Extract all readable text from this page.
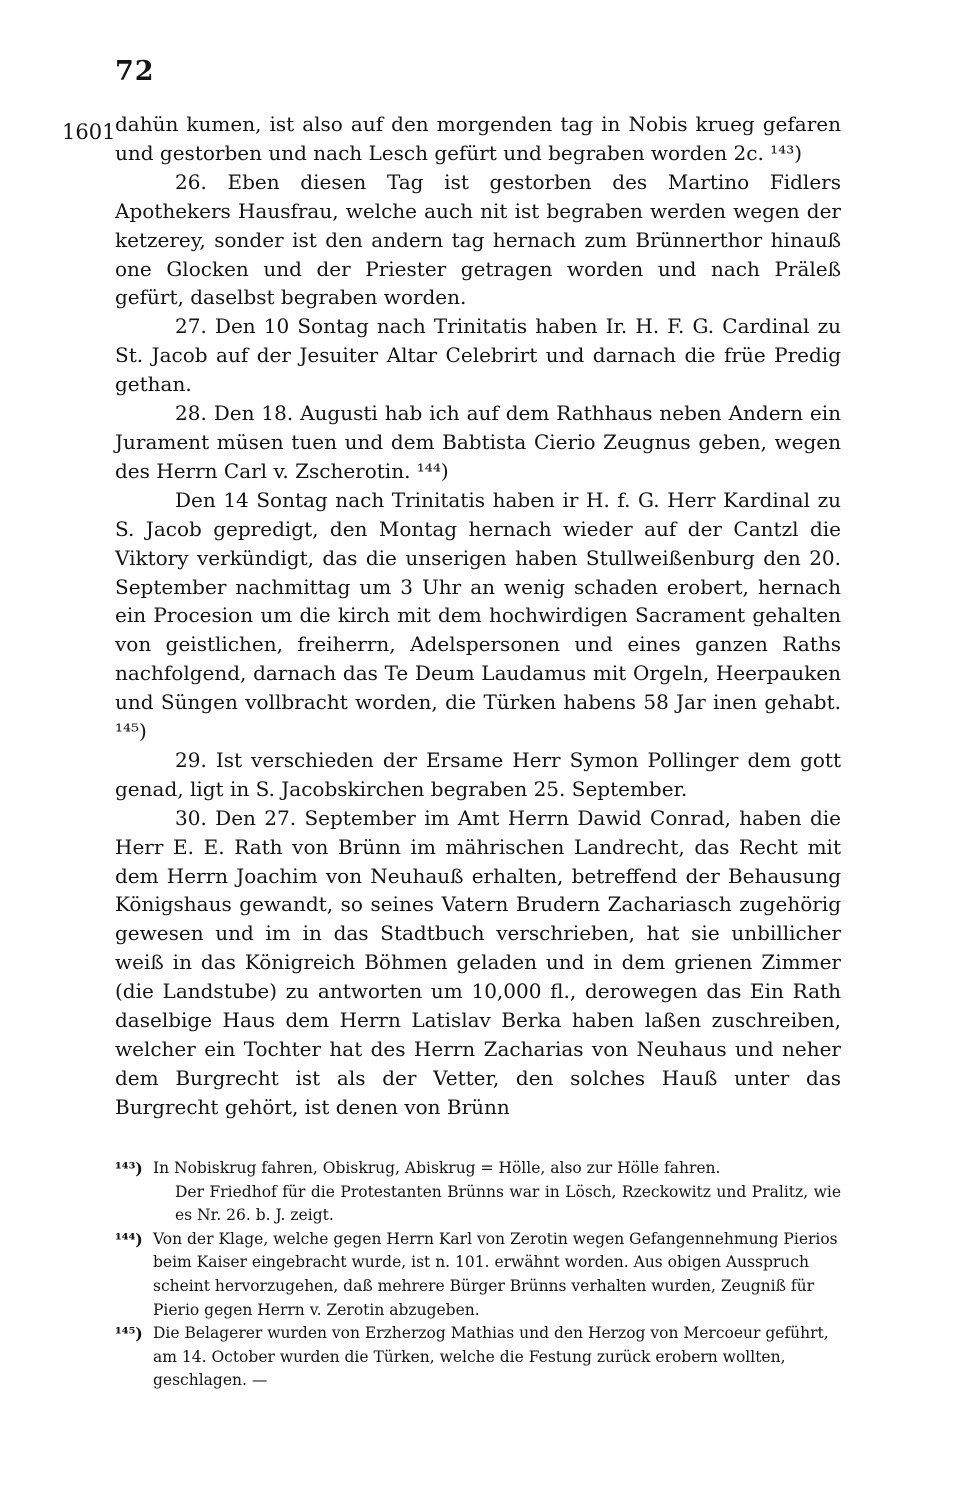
72
1601 dahün kumen, ist also auf den morgenden tag in Nobis krueg gefaren und gestorben und nach Lesch gefürt und begraben worden 2c. ¹⁴³)

26. Eben diesen Tag ist gestorben des Martino Fidlers Apothekers Hausfrau, welche auch nit ist begraben werden wegen der ketzerey, sonder ist den andern tag hernach zum Brünnerthor hinauß one Glocken und der Priester getragen worden und nach Präleß gefürt, daselbst begraben worden.

27. Den 10 Sontag nach Trinitatis haben Ir. H. F. G. Cardinal zu St. Jacob auf der Jesuiter Altar Celebrirt und darnach die früe Predig gethan.

28. Den 18. Augusti hab ich auf dem Rathhaus neben Andern ein Jurament müsen tuen und dem Babtista Cierio Zeugnus geben, wegen des Herrn Carl v. Zscherotin. ¹⁴⁴)

Den 14 Sontag nach Trinitatis haben ir H. f. G. Herr Kardinal zu S. Jacob gepredigt, den Montag hernach wieder auf der Cantzl die Viktory verkündigt, das die unserigen haben Stullweißenburg den 20. September nachmittag um 3 Uhr an wenig schaden erobert, hernach ein Procesion um die kirch mit dem hochwirdigen Sacrament gehalten von geistlichen, freiherrn, Adelspersonen und eines ganzen Raths nachfolgend, darnach das Te Deum Laudamus mit Orgeln, Heerpauken und Süngen vollbracht worden, die Türken habens 58 Jar inen gehabt. ¹⁴⁵)

29. Ist verschieden der Ersame Herr Symon Pollinger dem gott genad, ligt in S. Jacobskirchen begraben 25. September.

30. Den 27. September im Amt Herrn Dawid Conrad, haben die Herr E. E. Rath von Brünn im mährischen Landrecht, das Recht mit dem Herrn Joachim von Neuhauß erhalten, betreffend der Behausung Königshaus gewandt, so seines Vatern Brudern Zachariasch zugehörig gewesen und im in das Stadtbuch verschrieben, hat sie unbillicher weiß in das Königreich Böhmen geladen und in dem grienen Zimmer (die Landstube) zu antworten um 10,000 fl., derowegen das Ein Rath daselbige Haus dem Herrn Latislav Berka haben laßen zuschreiben, welcher ein Tochter hat des Herrn Zacharias von Neuhaus und neher dem Burgrecht ist als der Vetter, den solches Hauß unter das Burgrecht gehört, ist denen von Brünn

¹⁴³) In Nobiskrug fahren, Obiskrug, Abiskrug = Hölle, also zur Hölle fahren.

Der Friedhof für die Protestanten Brünns war in Lösch, Rzeckowitz und Pralitz, wie es Nr. 26. b. J. zeigt.

¹⁴⁴) Von der Klage, welche gegen Herrn Karl von Zerotin wegen Gefangennehmung Pierios beim Kaiser eingebracht wurde, ist n. 101. erwähnt worden. Aus obigen Ausspruch scheint hervorzugehen, daß mehrere Bürger Brünns verhalten wurden, Zeugniß für Pierio gegen Herrn v. Zerotin abzugeben.
¹⁴⁵) Die Belagerer wurden von Erzherzog Mathias und den Herzog von Mercoeur geführt, am 14. October wurden die Türken, welche die Festung zurück erobern wollten, geschlagen. —
